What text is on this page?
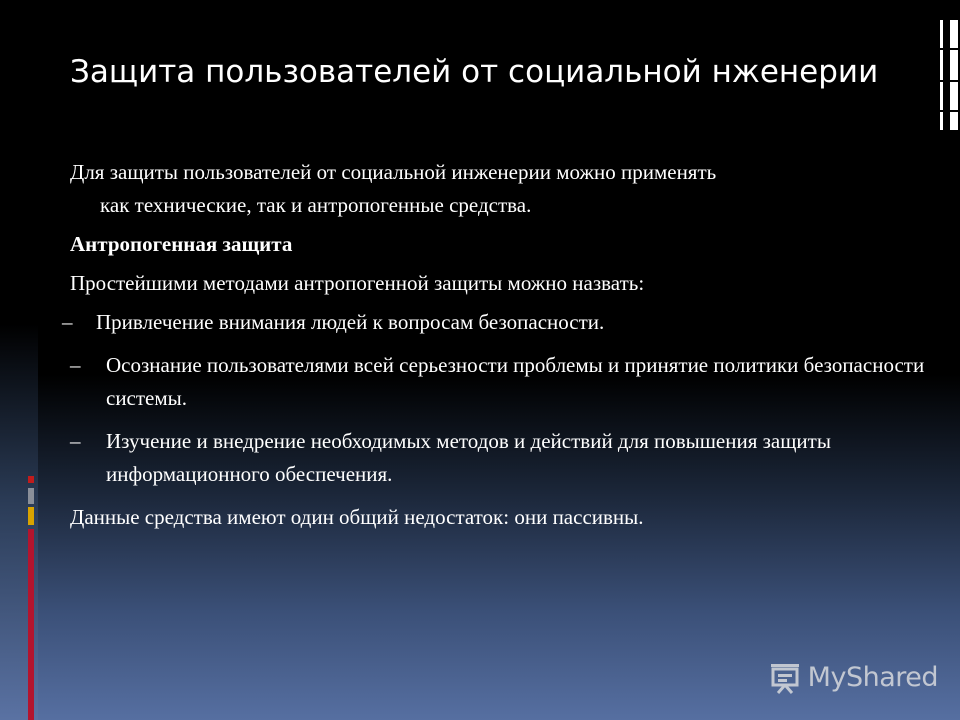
Защита пользователей от социальной нженерии

Для защиты пользователей от социальной инженерии можно применять
как технические, так и антропогенные средства.

Антропогенная защита

Простейшими методами антропогенной защиты можно назвать:

–	Привлечение внимания людей к вопросам безопасности.
–	Осознание пользователями всей серьезности проблемы и принятие политики безопасности системы.
–	Изучение и внедрение необходимых методов и действий для повышения защиты информационного обеспечения.

Данные средства имеют один общий недостаток: они пассивны.

MyShared
